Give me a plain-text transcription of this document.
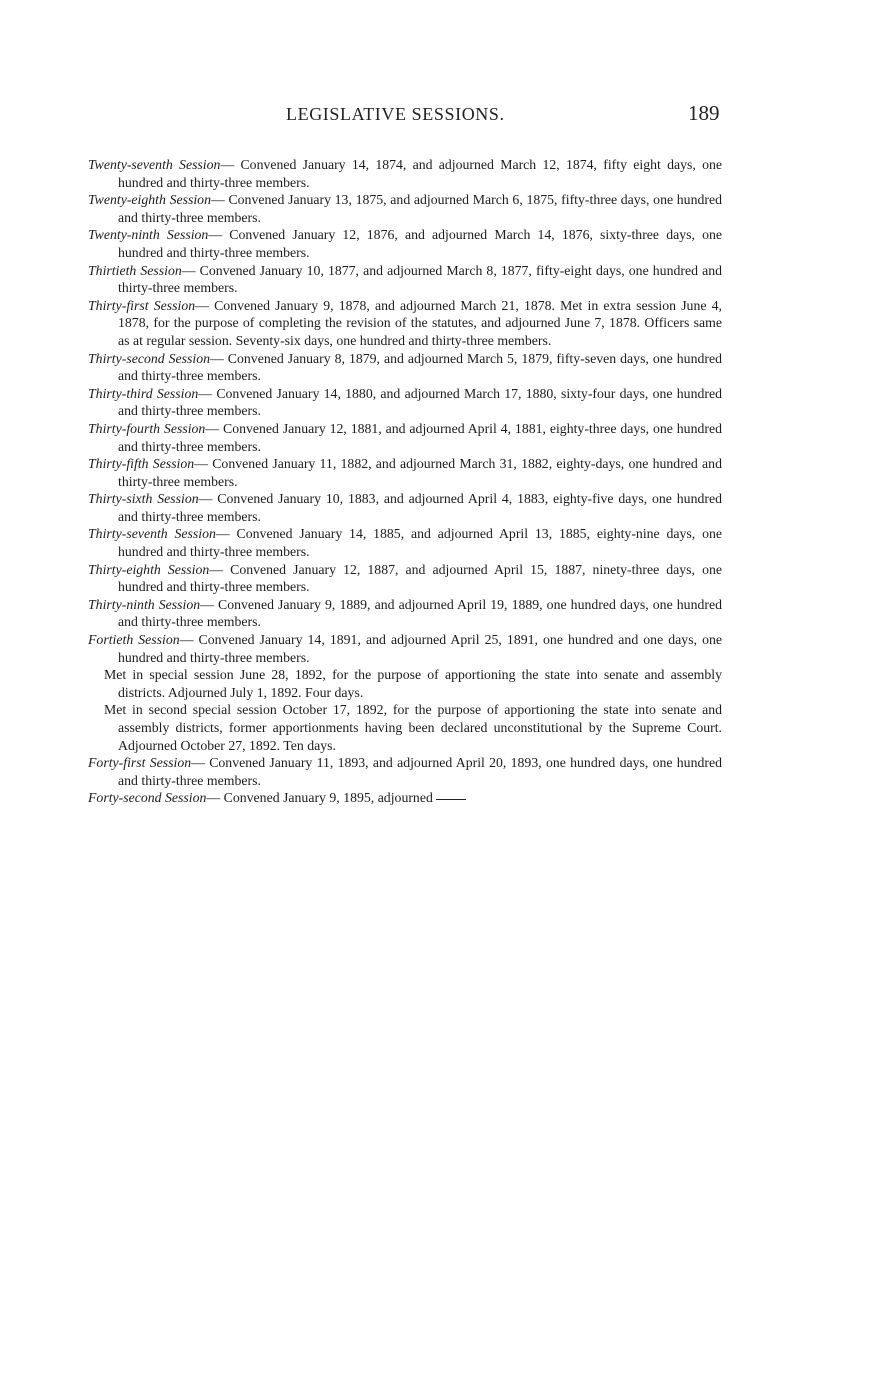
LEGISLATIVE SESSIONS.	189

Twenty-seventh Session— Convened January 14, 1874, and adjourned March 12, 1874, fifty eight days, one hundred and thirty-three members.

Twenty-eighth Session— Convened January 13, 1875, and adjourned March 6, 1875, fifty-three days, one hundred and thirty-three members.

Twenty-ninth Session— Convened January 12, 1876, and adjourned March 14, 1876, sixty-three days, one hundred and thirty-three members.

Thirtieth Session— Convened January 10, 1877, and adjourned March 8, 1877, fifty-eight days, one hundred and thirty-three members.

Thirty-first Session— Convened January 9, 1878, and adjourned March 21, 1878. Met in extra session June 4, 1878, for the purpose of completing the revision of the statutes, and adjourned June 7, 1878. Officers same as at regular session. Seventy-six days, one hundred and thirty-three members.

Thirty-second Session— Convened January 8, 1879, and adjourned March 5, 1879, fifty-seven days, one hundred and thirty-three members.

Thirty-third Session— Convened January 14, 1880, and adjourned March 17, 1880, sixty-four days, one hundred and thirty-three members.

Thirty-fourth Session— Convened January 12, 1881, and adjourned April 4, 1881, eighty-three days, one hundred and thirty-three members.

Thirty-fifth Session— Convened January 11, 1882, and adjourned March 31, 1882, eighty-days, one hundred and thirty-three members.

Thirty-sixth Session— Convened January 10, 1883, and adjourned April 4, 1883, eighty-five days, one hundred and thirty-three members.

Thirty-seventh Session— Convened January 14, 1885, and adjourned April 13, 1885, eighty-nine days, one hundred and thirty-three members.

Thirty-eighth Session— Convened January 12, 1887, and adjourned April 15, 1887, ninety-three days, one hundred and thirty-three members.

Thirty-ninth Session— Convened January 9, 1889, and adjourned April 19, 1889, one hundred days, one hundred and thirty-three members.

Fortieth Session— Convened January 14, 1891, and adjourned April 25, 1891, one hundred and one days, one hundred and thirty-three members.

Met in special session June 28, 1892, for the purpose of apportioning the state into senate and assembly districts. Adjourned July 1, 1892. Four days.

Met in second special session October 17, 1892, for the purpose of apportioning the state into senate and assembly districts, former apportionments having been declared unconstitutional by the Supreme Court. Adjourned October 27, 1892. Ten days.

Forty-first Session— Convened January 11, 1893, and adjourned April 20, 1893, one hundred days, one hundred and thirty-three members.

Forty-second Session— Convened January 9, 1895, adjourned
